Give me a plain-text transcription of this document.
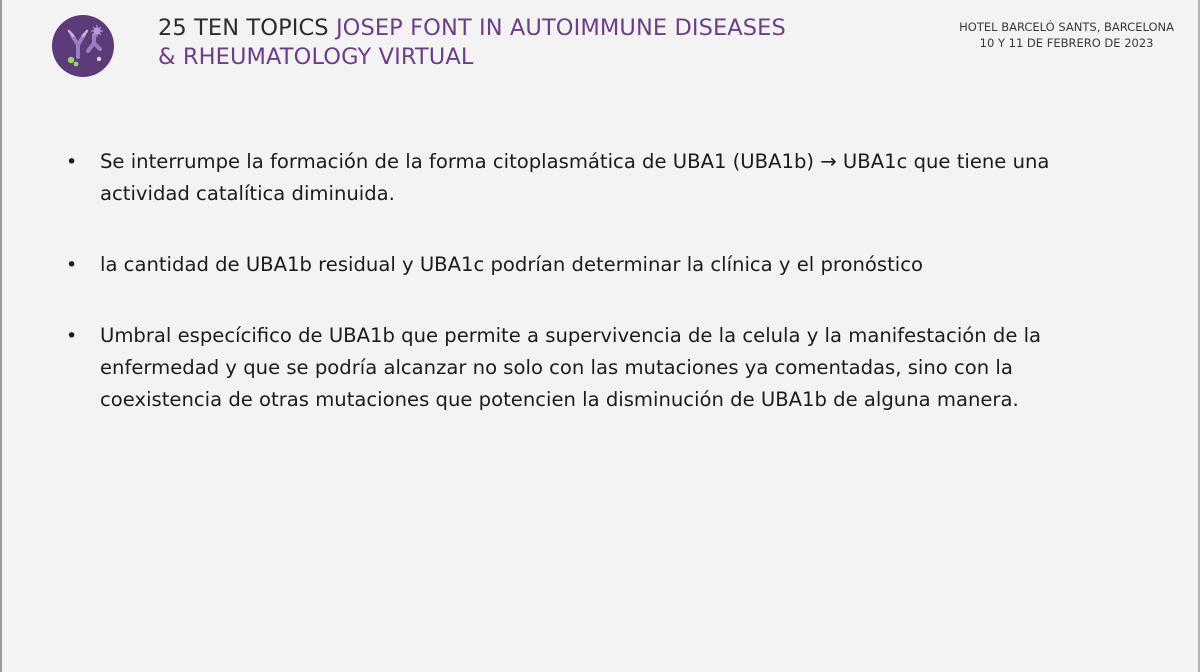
25 TEN TOPICS JOSEP FONT IN AUTOIMMUNE DISEASES
& RHEUMATOLOGY VIRTUAL
HOTEL BARCELÓ SANTS, BARCELONA
10 Y 11 DE FEBRERO DE 2023
• Se interrumpe la formación de la forma citoplasmática de UBA1 (UBA1b) → UBA1c que tiene una actividad catalítica diminuida.
• la cantidad de UBA1b residual y UBA1c podrían determinar la clínica y el pronóstico
• Umbral especícifico de UBA1b que permite a supervivencia de la celula y la manifestación de la enfermedad y que se podría alcanzar no solo con las mutaciones ya comentadas, sino con la coexistencia de otras mutaciones que potencien la disminución de UBA1b de alguna manera.
